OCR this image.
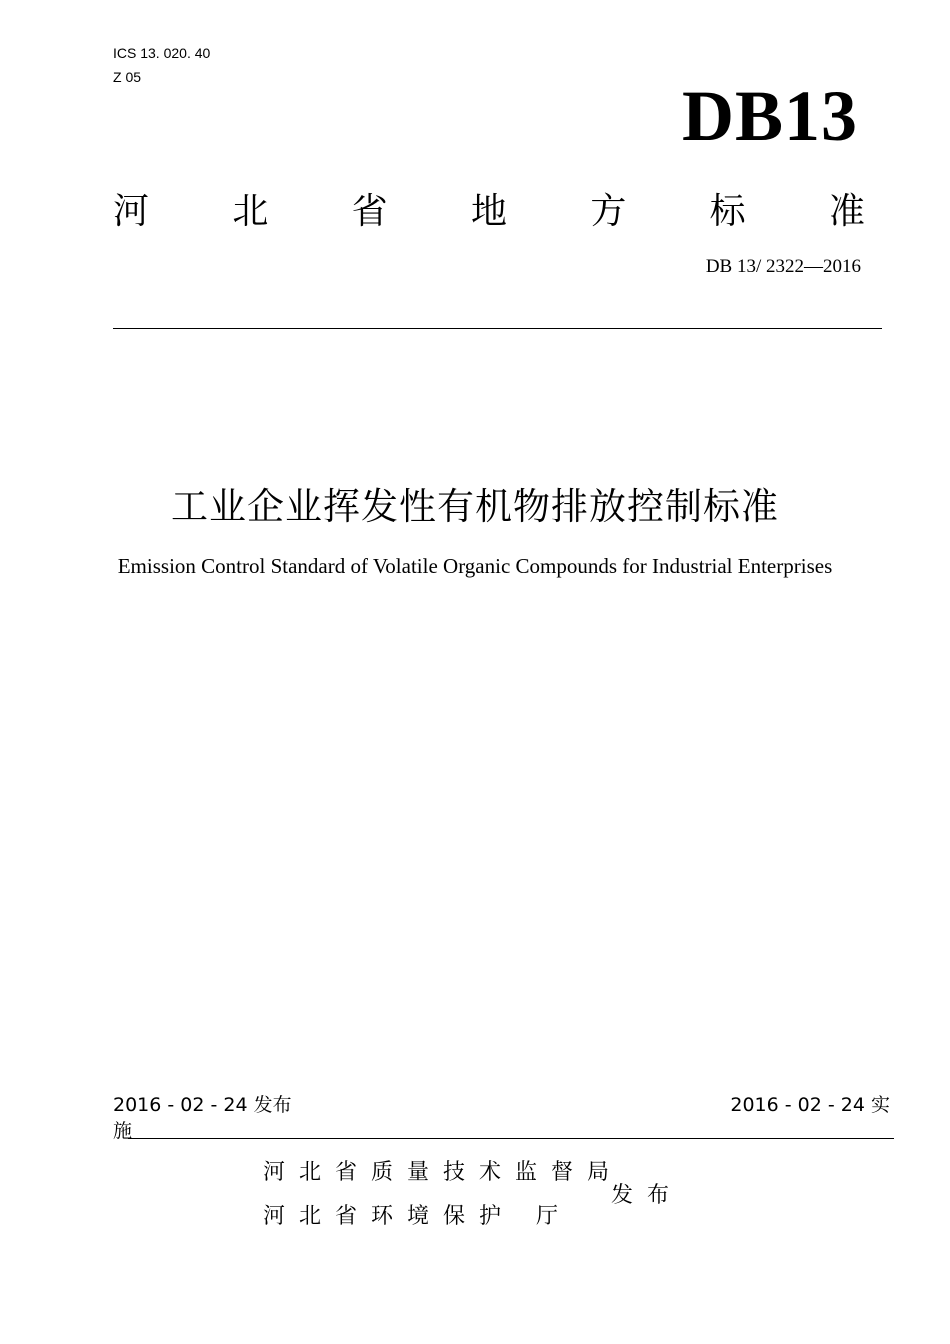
ICS 13. 020. 40
Z 05	DB13
河 北 省 地 方 标 准
DB 13/ 2322—2016
工业企业挥发性有机物排放控制标准
Emission Control Standard of Volatile Organic Compounds for Industrial Enterprises
2016 - 02 - 24 发布	2016 - 02 - 24 实
施
河北省质量技术监督局
河北省环境保护 厅
发布
